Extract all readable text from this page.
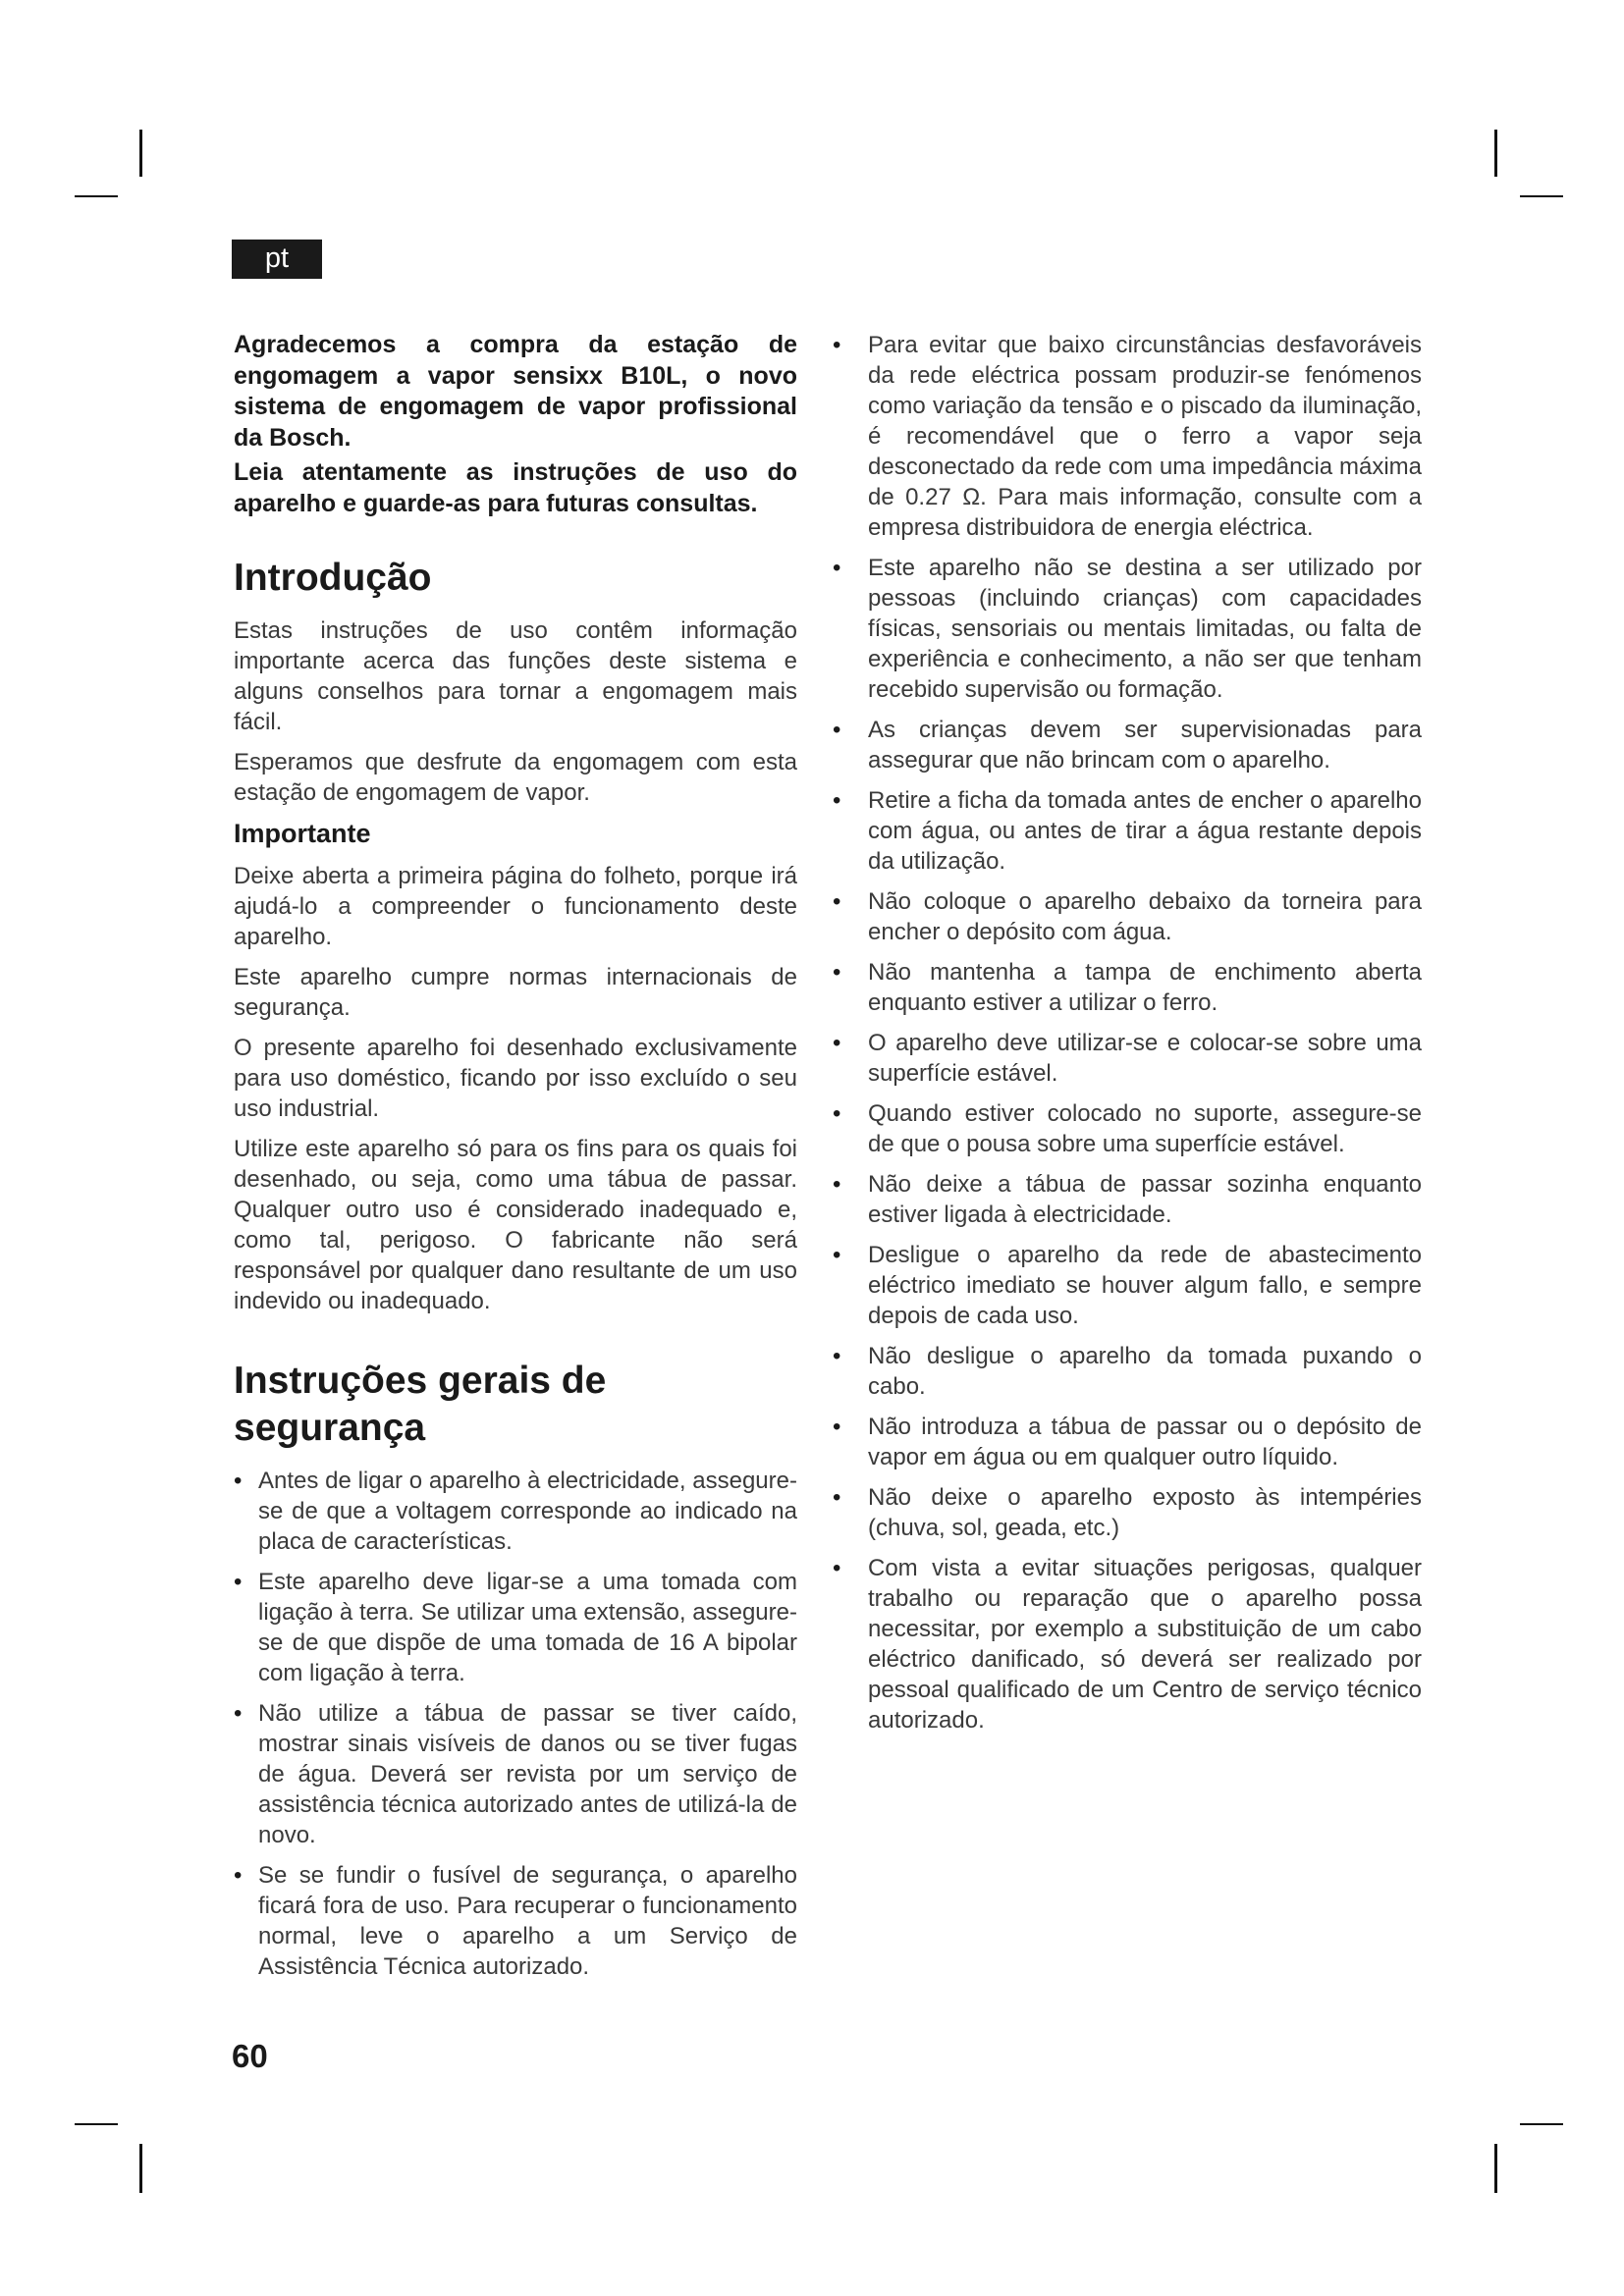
pt

Agradecemos a compra da estação de engomagem a vapor sensixx B10L, o novo sistema de engomagem de vapor profissional da Bosch.

Leia atentamente as instruções de uso do aparelho e guarde-as para futuras consultas.

Introdução

Estas instruções de uso contêm informação importante acerca das funções deste sistema e alguns conselhos para tornar a engomagem mais fácil.

Esperamos que desfrute da engomagem com esta estação de engomagem de vapor.

Importante

Deixe aberta a primeira página do folheto, porque irá ajudá-lo a compreender o funcionamento deste aparelho.

Este aparelho cumpre normas internacionais de segurança.

O presente aparelho foi desenhado exclusivamente para uso doméstico, ficando por isso excluído o seu uso industrial.

Utilize este aparelho só para os fins para os quais foi desenhado, ou seja, como uma tábua de passar. Qualquer outro uso é considerado inadequado e, como tal, perigoso. O fabricante não será responsável por qualquer dano resultante de um uso indevido ou inadequado.

Instruções gerais de
segurança
• Antes de ligar o aparelho à electricidade, assegure-se de que a voltagem corresponde ao indicado na placa de características.
• Este aparelho deve ligar-se a uma tomada com ligação à terra. Se utilizar uma extensão, assegure-se de que dispõe de uma tomada de 16 A bipolar com ligação à terra.
• Não utilize a tábua de passar se tiver caído, mostrar sinais visíveis de danos ou se tiver fugas de água. Deverá ser revista por um serviço de assistência técnica autorizado antes de utilizá-la de novo.
• Se se fundir o fusível de segurança, o aparelho ficará fora de uso. Para recuperar o funcionamento normal, leve o aparelho a um Serviço de Assistência Técnica autorizado.
• Para evitar que baixo circunstâncias desfavoráveis da rede eléctrica possam produzir-se fenómenos como variação da tensão e o piscado da iluminação, é recomendável que o ferro a vapor seja desconectado da rede com uma impedância máxima de 0.27 Ω. Para mais informação, consulte com a empresa distribuidora de energia eléctrica.
• Este aparelho não se destina a ser utilizado por pessoas (incluindo crianças) com capacidades físicas, sensoriais ou mentais limitadas, ou falta de experiência e conhecimento, a não ser que tenham recebido supervisão ou formação.
• As crianças devem ser supervisionadas para assegurar que não brincam com o aparelho.
• Retire a ficha da tomada antes de encher o aparelho com água, ou antes de tirar a água restante depois da utilização.
• Não coloque o aparelho debaixo da torneira para encher o depósito com água.
• Não mantenha a tampa de enchimento aberta enquanto estiver a utilizar o ferro.
• O aparelho deve utilizar-se e colocar-se sobre uma superfície estável.
• Quando estiver colocado no suporte, assegure-se de que o pousa sobre uma superfície estável.
• Não deixe a tábua de passar sozinha enquanto estiver ligada à electricidade.
• Desligue o aparelho da rede de abastecimento eléctrico imediato se houver algum fallo, e sempre depois de cada uso.
• Não desligue o aparelho da tomada puxando o cabo.
• Não introduza a tábua de passar ou o depósito de vapor em água ou em qualquer outro líquido.
• Não deixe o aparelho exposto às intempéries (chuva, sol, geada, etc.)
• Com vista a evitar situações perigosas, qualquer trabalho ou reparação que o aparelho possa necessitar, por exemplo a substituição de um cabo eléctrico danificado, só deverá ser realizado por pessoal qualificado de um Centro de serviço técnico autorizado.
60
